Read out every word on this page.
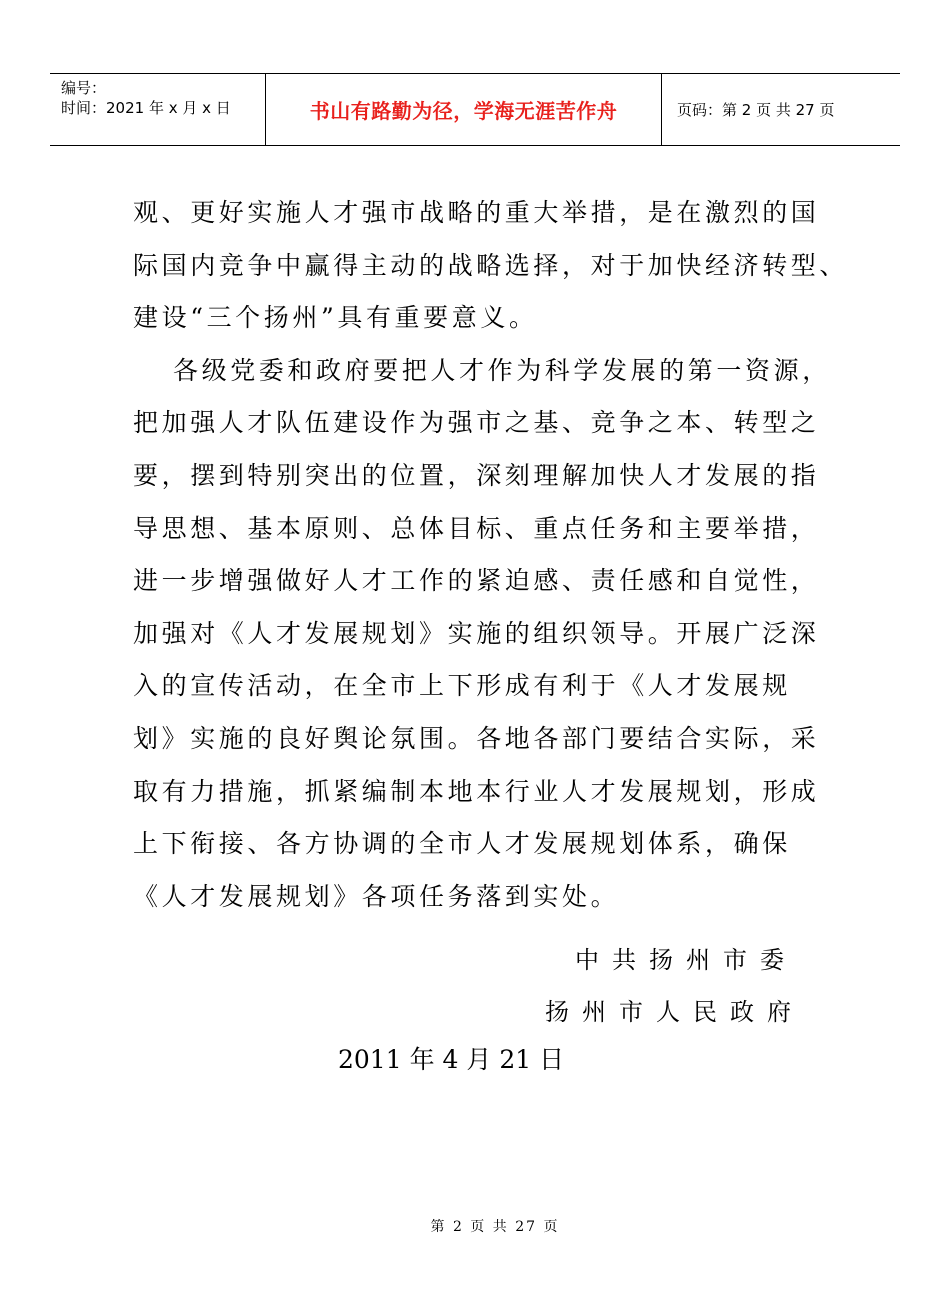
编号：
时间：2021 年 x 月 x 日	书山有路勤为径，学海无涯苦作舟	页码：第 2 页 共 27 页
观、更好实施人才强市战略的重大举措，是在激烈的国
际国内竞争中赢得主动的战略选择，对于加快经济转型、
建设“三个扬州”具有重要意义。
各级党委和政府要把人才作为科学发展的第一资源，
把加强人才队伍建设作为强市之基、竞争之本、转型之
要，摆到特别突出的位置，深刻理解加快人才发展的指
导思想、基本原则、总体目标、重点任务和主要举措，
进一步增强做好人才工作的紧迫感、责任感和自觉性，
加强对《人才发展规划》实施的组织领导。开展广泛深
入的宣传活动，在全市上下形成有利于《人才发展规
划》实施的良好舆论氛围。各地各部门要结合实际，采
取有力措施，抓紧编制本地本行业人才发展规划，形成
上下衔接、各方协调的全市人才发展规划体系，确保
《人才发展规划》各项任务落到实处。
中共扬州市委
扬州市人民政府
2011 年 4 月 21 日
第 2 页 共 27 页
